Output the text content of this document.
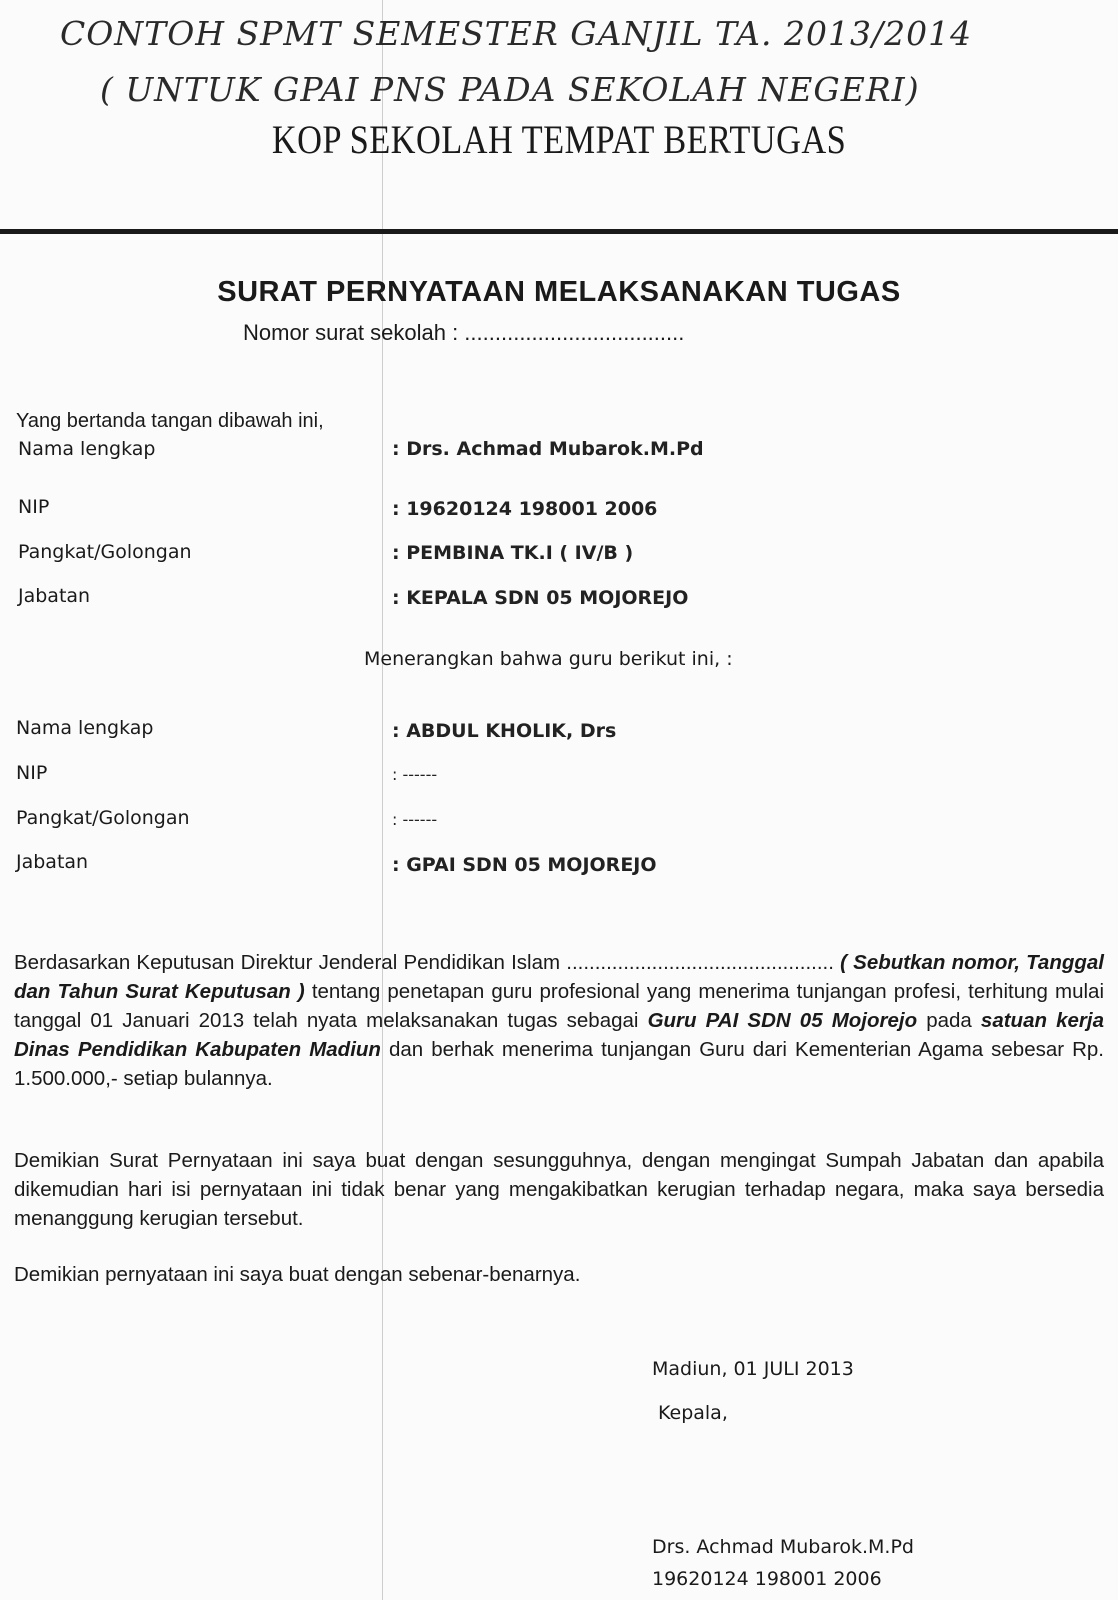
CONTOH SPMT SEMESTER GANJIL TA. 2013/2014
( UNTUK GPAI PNS PADA SEKOLAH NEGERI)
KOP SEKOLAH TEMPAT BERTUGAS
SURAT PERNYATAAN MELAKSANAKAN TUGAS
Nomor surat sekolah : ....................................
Yang bertanda tangan dibawah ini,
Nama lengkap	: Drs. Achmad Mubarok.M.Pd
NIP	: 19620124 198001 2006
Pangkat/Golongan	: PEMBINA TK.I ( IV/B )
Jabatan	: KEPALA SDN 05 MOJOREJO
Menerangkan bahwa guru berikut ini, :
Nama lengkap	: ABDUL KHOLIK, Drs
NIP	: ------
Pangkat/Golongan	: ------
Jabatan	: GPAI SDN 05 MOJOREJO
Berdasarkan Keputusan Direktur Jenderal Pendidikan Islam ............................................... ( Sebutkan nomor, Tanggal dan Tahun Surat Keputusan ) tentang penetapan guru profesional yang menerima tunjangan profesi, terhitung mulai tanggal 01 Januari 2013 telah nyata melaksanakan tugas sebagai Guru PAI SDN 05 Mojorejo pada satuan kerja Dinas Pendidikan Kabupaten Madiun dan berhak menerima tunjangan Guru dari Kementerian Agama sebesar Rp. 1.500.000,- setiap bulannya.
Demikian Surat Pernyataan ini saya buat dengan sesungguhnya, dengan mengingat Sumpah Jabatan dan apabila dikemudian hari isi pernyataan ini tidak benar yang mengakibatkan kerugian terhadap negara, maka saya bersedia menanggung kerugian tersebut.
Demikian pernyataan ini saya buat dengan sebenar-benarnya.
Madiun, 01 JULI 2013
Kepala,
Drs. Achmad Mubarok.M.Pd
19620124 198001 2006
